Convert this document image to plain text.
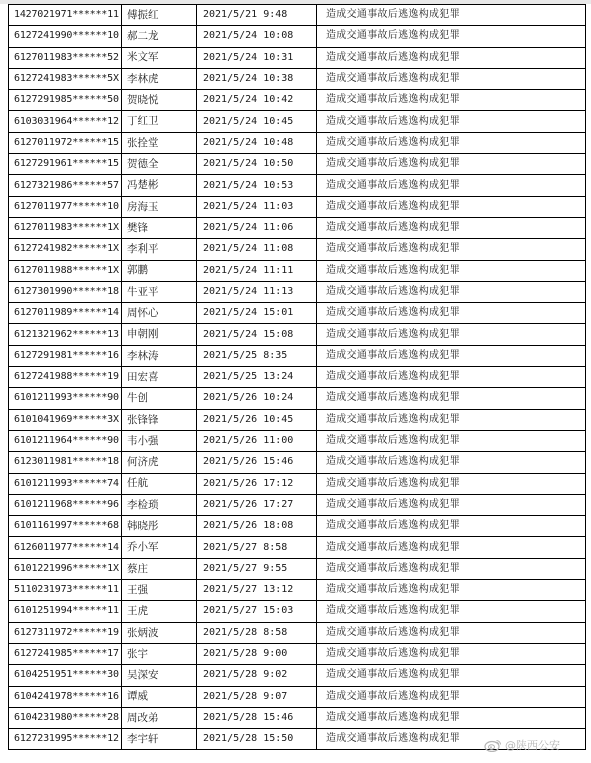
1427021971******11	傅振红	2021/5/21 9:48	造成交通事故后逃逸构成犯罪
6127241990******10	郝二龙	2021/5/24 10:08	造成交通事故后逃逸构成犯罪
6127011983******52	米文军	2021/5/24 10:31	造成交通事故后逃逸构成犯罪
6127241983******5X	李林虎	2021/5/24 10:38	造成交通事故后逃逸构成犯罪
6127291985******50	贺晓悦	2021/5/24 10:42	造成交通事故后逃逸构成犯罪
6103031964******12	丁红卫	2021/5/24 10:45	造成交通事故后逃逸构成犯罪
6127011972******15	张拴堂	2021/5/24 10:48	造成交通事故后逃逸构成犯罪
6127291961******15	贺德全	2021/5/24 10:50	造成交通事故后逃逸构成犯罪
6127321986******57	冯楚彬	2021/5/24 10:53	造成交通事故后逃逸构成犯罪
6127011977******10	房海玉	2021/5/24 11:03	造成交通事故后逃逸构成犯罪
6127011983******1X	樊锋	2021/5/24 11:06	造成交通事故后逃逸构成犯罪
6127241982******1X	李利平	2021/5/24 11:08	造成交通事故后逃逸构成犯罪
6127011988******1X	郭鹏	2021/5/24 11:11	造成交通事故后逃逸构成犯罪
6127301990******18	牛亚平	2021/5/24 11:13	造成交通事故后逃逸构成犯罪
6127011989******14	周怀心	2021/5/24 15:01	造成交通事故后逃逸构成犯罪
6121321962******13	申朝刚	2021/5/24 15:08	造成交通事故后逃逸构成犯罪
6127291981******16	李林涛	2021/5/25 8:35	造成交通事故后逃逸构成犯罪
6127241988******19	田宏喜	2021/5/25 13:24	造成交通事故后逃逸构成犯罪
6101211993******90	牛创	2021/5/26 10:24	造成交通事故后逃逸构成犯罪
6101041969******3X	张锋锋	2021/5/26 10:45	造成交通事故后逃逸构成犯罪
6101211964******90	韦小强	2021/5/26 11:00	造成交通事故后逃逸构成犯罪
6123011981******18	何济虎	2021/5/26 15:46	造成交通事故后逃逸构成犯罪
6101211993******74	任航	2021/5/26 17:12	造成交通事故后逃逸构成犯罪
6101211968******96	李检琐	2021/5/26 17:27	造成交通事故后逃逸构成犯罪
6101161997******68	韩晓彤	2021/5/26 18:08	造成交通事故后逃逸构成犯罪
6126011977******14	乔小军	2021/5/27 8:58	造成交通事故后逃逸构成犯罪
6101221996******1X	蔡庄	2021/5/27 9:55	造成交通事故后逃逸构成犯罪
5110231973******11	王强	2021/5/27 13:12	造成交通事故后逃逸构成犯罪
6101251994******11	王虎	2021/5/27 15:03	造成交通事故后逃逸构成犯罪
6127311972******19	张炳波	2021/5/28 8:58	造成交通事故后逃逸构成犯罪
6127241985******17	张宇	2021/5/28 9:00	造成交通事故后逃逸构成犯罪
6104251951******30	吴深安	2021/5/28 9:02	造成交通事故后逃逸构成犯罪
6104241978******16	谭威	2021/5/28 9:07	造成交通事故后逃逸构成犯罪
6104231980******28	周改弟	2021/5/28 15:46	造成交通事故后逃逸构成犯罪
6127231995******12	李宇轩	2021/5/28 15:50	造成交通事故后逃逸构成犯罪
@陕西公安
